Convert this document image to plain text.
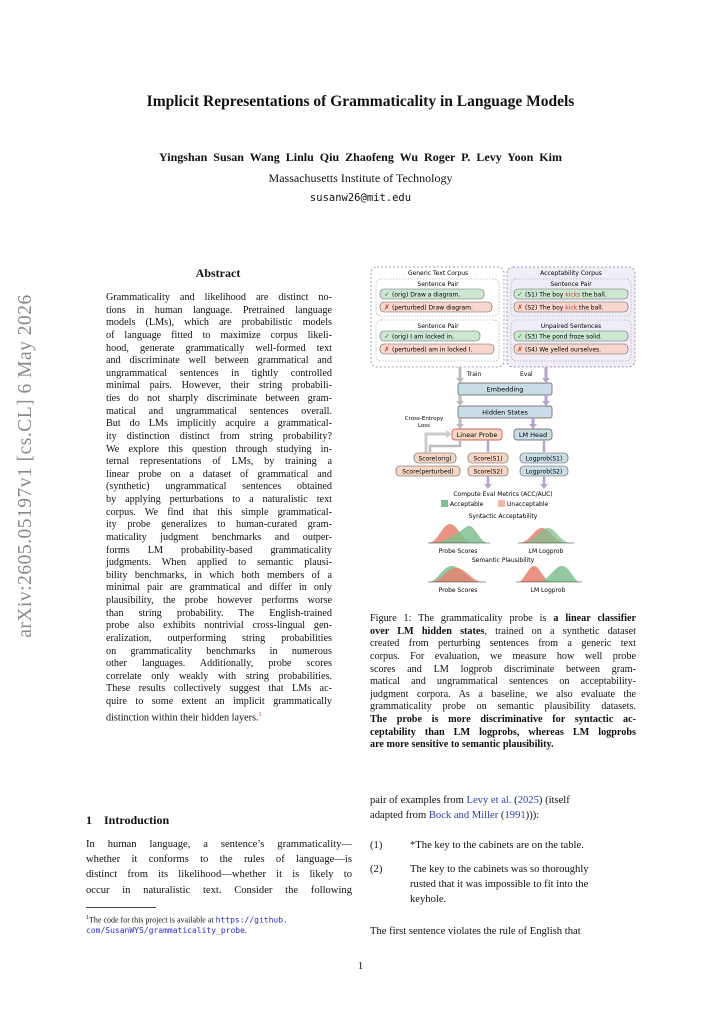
Implicit Representations of Grammaticality in Language Models
Yingshan Susan Wang Linlu Qiu Zhaofeng Wu Roger P. Levy Yoon Kim
Massachusetts Institute of Technology
susanw26@mit.edu
arXiv:2605.05197v1 [cs.CL] 6 May 2026
Abstract
Grammaticality and likelihood are distinct no-
tions in human language. Pretrained language
models (LMs), which are probabilistic models
of language fitted to maximize corpus likeli-
hood, generate grammatically well-formed text
and discriminate well between grammatical and
ungrammatical sentences in tightly controlled
minimal pairs. However, their string probabili-
ties do not sharply discriminate between gram-
matical and ungrammatical sentences overall.
But do LMs implicitly acquire a grammatical-
ity distinction distinct from string probability?
We explore this question through studying in-
ternal representations of LMs, by training a
linear probe on a dataset of grammatical and
(synthetic) ungrammatical sentences obtained
by applying perturbations to a naturalistic text
corpus. We find that this simple grammatical-
ity probe generalizes to human-curated gram-
maticality judgment benchmarks and outper-
forms LM probability-based grammaticality
judgments. When applied to semantic plausi-
bility benchmarks, in which both members of a
minimal pair are grammatical and differ in only
plausibility, the probe however performs worse
than string probability. The English-trained
probe also exhibits nontrivial cross-lingual gen-
eralization, outperforming string probabilities
on grammaticality benchmarks in numerous
other languages. Additionally, probe scores
correlate only weakly with string probabilities.
These results collectively suggest that LMs ac-
quire to some extent an implicit grammatically
distinction within their hidden layers.$^1$
1 Introduction
In human language, a sentence’s grammaticality—
whether it conforms to the rules of language—is
distinct from its likelihood—whether it is likely to
occur in naturalistic text. Consider the following
$^1$The code for this project is available at https://github.
com/SusanWYS/grammaticality_probe.
Generic Text Corpus
Sentence Pair
✓ (orig) Draw a diagram.
✗ (perturbed) Draw diagram.
Sentence Pair
✓ (orig) I am locked in.
✗ (perturbed) am in locked I.
Acceptability Corpus
Sentence Pair
✓ (S1) The boy kicks the ball.
✗ (S2) The boy kick the ball.
Unpaired Sentences
✓ (S3) The pond froze solid.
✗ (S4) We yelled ourselves.
Train	Eval
Embedding
Hidden States
Cross-Entropy
Loss
Linear Probe	LM Head
Score(orig)
Score(perturbed)
Score(S1)
Score(S2)
Logprob(S1)
Logprob(S2)
Compute Eval Metrics (ACC/AUC)
Acceptable	Unacceptable
Syntactic Acceptability
Probe Scores	LM Logprob
Semantic Plausibility
Probe Scores	LM Logprob
Figure 1: The grammaticality probe is a linear classifier
over LM hidden states, trained on a synthetic dataset
created from perturbing sentences from a generic text
corpus. For evaluation, we measure how well probe
scores and LM logprob discriminate between gram-
matical and ungrammatical sentences on acceptability-
judgment corpora. As a baseline, we also evaluate the
grammaticality probe on semantic plausibility datasets.
The probe is more discriminative for syntactic ac-
ceptability than LM logprobs, whereas LM logprobs
are more sensitive to semantic plausibility.
pair of examples from Levy et al. (2025) (itself
adapted from Bock and Miller (1991))):
(1)	*The key to the cabinets are on the table.
(2)	The key to the cabinets was so thoroughly
rusted that it was impossible to fit into the
keyhole.
The first sentence violates the rule of English that
1
